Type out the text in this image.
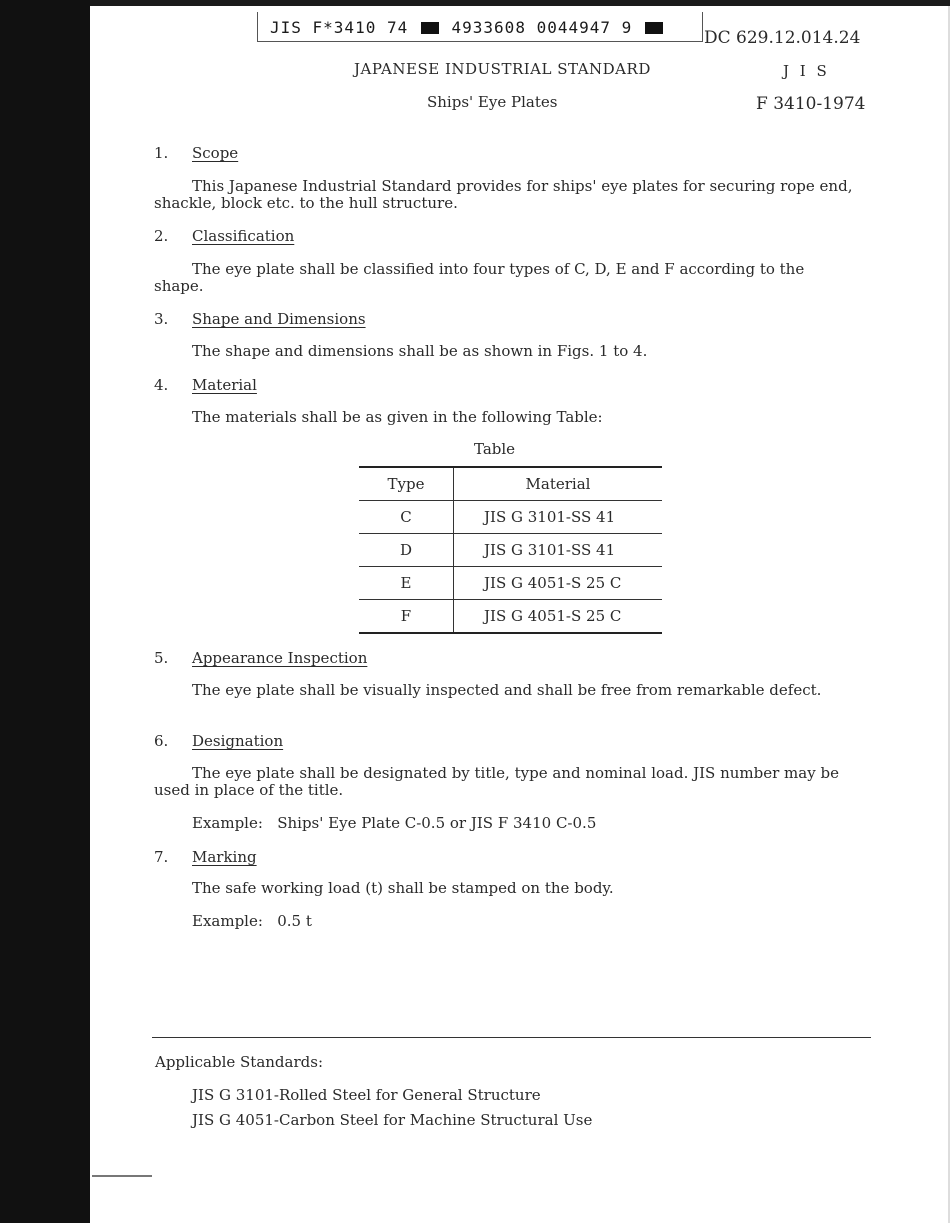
JIS F*3410 74	4933608 0044947 9
DC 629.12.014.24
JAPANESE INDUSTRIAL STANDARD	J I S
Ships' Eye Plates	F 3410-1974
1. Scope
This Japanese Industrial Standard provides for ships' eye plates for securing rope end, shackle, block etc. to the hull structure.
2. Classification
The eye plate shall be classified into four types of C, D, E and F according to the shape.
3. Shape and Dimensions
The shape and dimensions shall be as shown in Figs. 1 to 4.
4. Material
The materials shall be as given in the following Table:
Table
Type	Material
C	JIS G 3101-SS 41
D	JIS G 3101-SS 41
E	JIS G 4051-S 25 C
F	JIS G 4051-S 25 C
5. Appearance Inspection
The eye plate shall be visually inspected and shall be free from remarkable defect.
6. Designation
The eye plate shall be designated by title, type and nominal load. JIS number may be used in place of the title.
Example: Ships' Eye Plate C-0.5 or JIS F 3410 C-0.5
7. Marking
The safe working load (t) shall be stamped on the body.
Example: 0.5 t
Applicable Standards:
JIS G 3101-Rolled Steel for General Structure
JIS G 4051-Carbon Steel for Machine Structural Use
